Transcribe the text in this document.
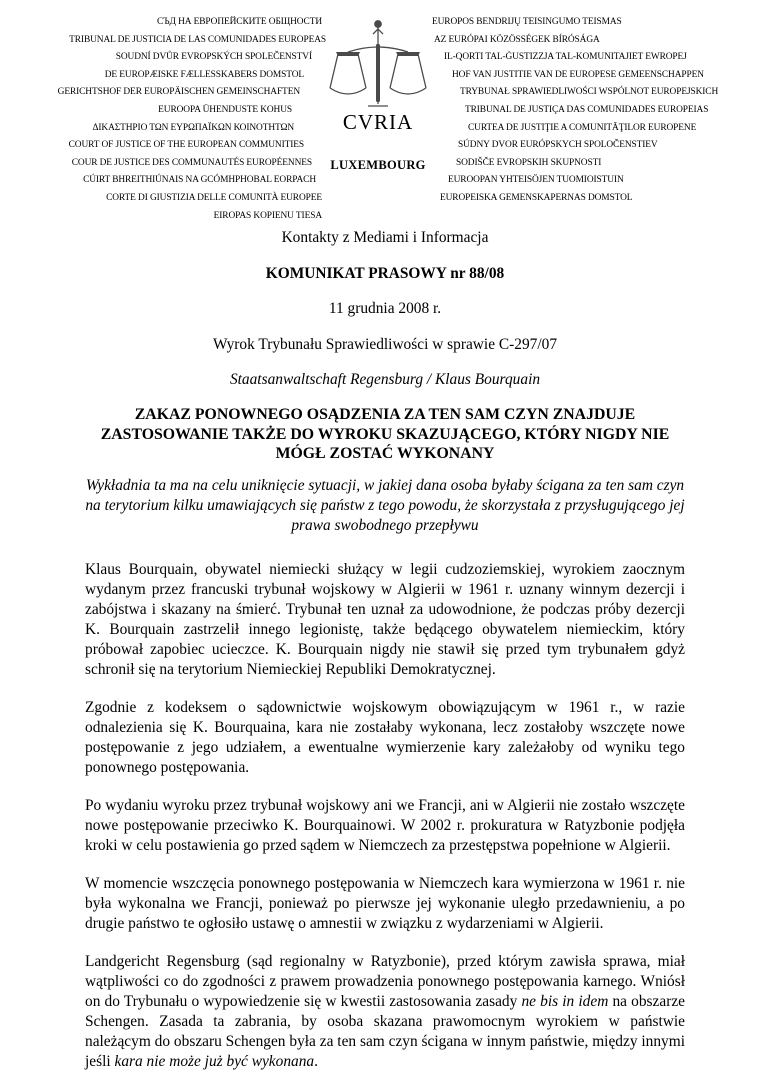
СЪД НА ЕВРОПЕЙСКИТЕ ОБЩНОСТИ
TRIBUNAL DE JUSTICIA DE LAS COMUNIDADES EUROPEAS
SOUDNÍ DVŮR EVROPSKÝCH SPOLEČENSTVÍ
DE EUROPÆISKE FÆLLESSKABERS DOMSTOL
GERICHTSHOF DER EUROPÄISCHEN GEMEINSCHAFTEN
EUROOPA ÜHENDUSTE KOHUS
ΔΙΚΑΣΤΗΡΙΟ ΤΩΝ ΕΥΡΩΠΑΪΚΩΝ ΚΟΙΝΟΤΗΤΩΝ
COURT OF JUSTICE OF THE EUROPEAN COMMUNITIES
COUR DE JUSTICE DES COMMUNAUTÉS EUROPÉENNES
CÚIRT BHREITHIÚNAIS NA GCÓMHPHOBAL EORPACH
CORTE DI GIUSTIZIA DELLE COMUNITÀ EUROPEE
EIROPAS KOPIENU TIESA
CVRIA
LUXEMBOURG
EUROPOS BENDRIJŲ TEISINGUMO TEISMAS
AZ EURÓPAI KÖZÖSSÉGEK BÍRÓSÁGA
IL-QORTI TAL-ĠUSTIZZJA TAL-KOMUNITAJIET EWROPEJ
HOF VAN JUSTITIE VAN DE EUROPESE GEMEENSCHAPPEN
TRYBUNAŁ SPRAWIEDLIWOŚCI WSPÓLNOT EUROPEJSKICH
TRIBUNAL DE JUSTIÇA DAS COMUNIDADES EUROPEIAS
CURTEA DE JUSTIŢIE A COMUNITĂŢILOR EUROPENE
SÚDNY DVOR EURÓPSKYCH SPOLOČENSTIEV
SODIŠČE EVROPSKIH SKUPNOSTI
EUROOPAN YHTEISÖJEN TUOMIOISTUIN
EUROPEISKA GEMENSKAPERNAS DOMSTOL
Kontakty z Mediami i Informacja
KOMUNIKAT PRASOWY nr 88/08
11 grudnia 2008 r.
Wyrok Trybunału Sprawiedliwości w sprawie C-297/07
Staatsanwaltschaft Regensburg / Klaus Bourquain
ZAKAZ PONOWNEGO OSĄDZENIA ZA TEN SAM CZYN ZNAJDUJE ZASTOSOWANIE TAKŻE DO WYROKU SKAZUJĄCEGO, KTÓRY NIGDY NIE MÓGŁ ZOSTAĆ WYKONANY
Wykładnia ta ma na celu uniknięcie sytuacji, w jakiej dana osoba byłaby ścigana za ten sam czyn na terytorium kilku umawiających się państw z tego powodu, że skorzystała z przysługującego jej prawa swobodnego przepływu
Klaus Bourquain, obywatel niemiecki służący w legii cudzoziemskiej, wyrokiem zaocznym wydanym przez francuski trybunał wojskowy w Algierii w 1961 r. uznany winnym dezercji i zabójstwa i skazany na śmierć. Trybunał ten uznał za udowodnione, że podczas próby dezercji K. Bourquain zastrzelił innego legionistę, także będącego obywatelem niemieckim, który próbował zapobiec ucieczce. K. Bourquain nigdy nie stawił się przed tym trybunałem gdyż schronił się na terytorium Niemieckiej Republiki Demokratycznej.
Zgodnie z kodeksem o sądownictwie wojskowym obowiązującym w 1961 r., w razie odnalezienia się K. Bourquaina, kara nie zostałaby wykonana, lecz zostałoby wszczęte nowe postępowanie z jego udziałem, a ewentualne wymierzenie kary zależałoby od wyniku tego ponownego postępowania.
Po wydaniu wyroku przez trybunał wojskowy ani we Francji, ani w Algierii nie zostało wszczęte nowe postępowanie przeciwko K. Bourquainowi. W 2002 r. prokuratura w Ratyzbonie podjęła kroki w celu postawienia go przed sądem w Niemczech za przestępstwa popełnione w Algierii.
W momencie wszczęcia ponownego postępowania w Niemczech kara wymierzona w 1961 r. nie była wykonalna we Francji, ponieważ po pierwsze jej wykonanie uległo przedawnieniu, a po drugie państwo te ogłosiło ustawę o amnestii w związku z wydarzeniami w Algierii.
Landgericht Regensburg (sąd regionalny w Ratyzbonie), przed którym zawisła sprawa, miał wątpliwości co do zgodności z prawem prowadzenia ponownego postępowania karnego. Wniósł on do Trybunału o wypowiedzenie się w kwestii zastosowania zasady ne bis in idem na obszarze Schengen. Zasada ta zabrania, by osoba skazana prawomocnym wyrokiem w państwie należącym do obszaru Schengen była za ten sam czyn ścigana w innym państwie, między innymi jeśli kara nie może już być wykonana.
